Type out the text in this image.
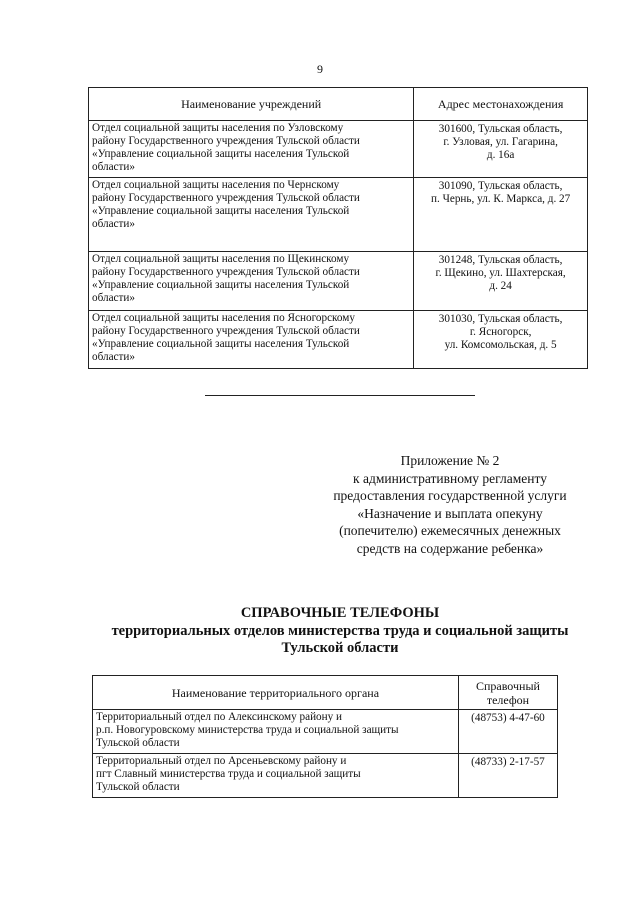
9
Наименование учреждений	Адрес местонахождения

Отдел социальной защиты населения по Узловскому
району Государственного учреждения Тульской области
«Управление социальной защиты населения Тульской
области»	301600, Тульская область,
г. Узловая, ул. Гагарина,
д. 16а

Отдел социальной защиты населения по Чернскому
району Государственного учреждения Тульской области
«Управление социальной защиты населения Тульской
области»	301090, Тульская область,
п. Чернь, ул. К. Маркса, д. 27

Отдел социальной защиты населения по Щекинскому
району Государственного учреждения Тульской области
«Управление социальной защиты населения Тульской
области»	301248, Тульская область,
г. Щекино, ул. Шахтерская,
д. 24

Отдел социальной защиты населения по Ясногорскому
району Государственного учреждения Тульской области
«Управление социальной защиты населения Тульской
области»	301030, Тульская область,
г. Ясногорск,
ул. Комсомольская, д. 5
Приложение № 2
к административному регламенту
предоставления государственной услуги
«Назначение и выплата опекуну
(попечителю) ежемесячных денежных
средств на содержание ребенка»
СПРАВОЧНЫЕ ТЕЛЕФОНЫ
территориальных отделов министерства труда и социальной защиты
Тульской области
Наименование территориального органа	Справочный
телефон

Территориальный отдел по Алексинскому району и
р.п. Новогуровскому министерства труда и социальной защиты
Тульской области	(48753) 4-47-60

Территориальный отдел по Арсеньевскому району и
пгт Славный министерства труда и социальной защиты
Тульской области	(48733) 2-17-57
